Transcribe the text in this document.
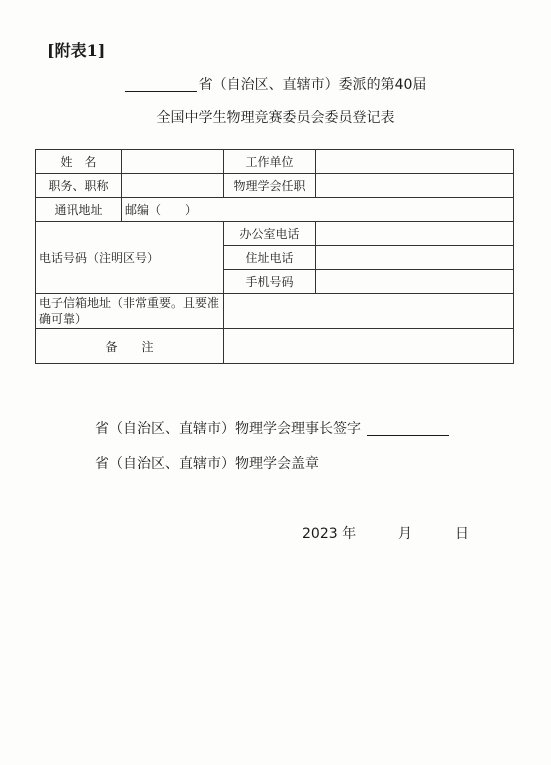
[附表1]
省（自治区、直辖市）委派的第40届
全国中学生物理竞赛委员会委员登记表
姓　名		工作单位	
职务、职称		物理学会任职	
通讯地址	邮编（　　）		
电话号码（注明区号）		办公室电话	
		住址电话	
		手机号码	
电子信箱地址（非常重要。且要准确可靠）			
备　　注			
省（自治区、直辖市）物理学会理事长签字
省（自治区、直辖市）物理学会盖章
2023 年	月	日
